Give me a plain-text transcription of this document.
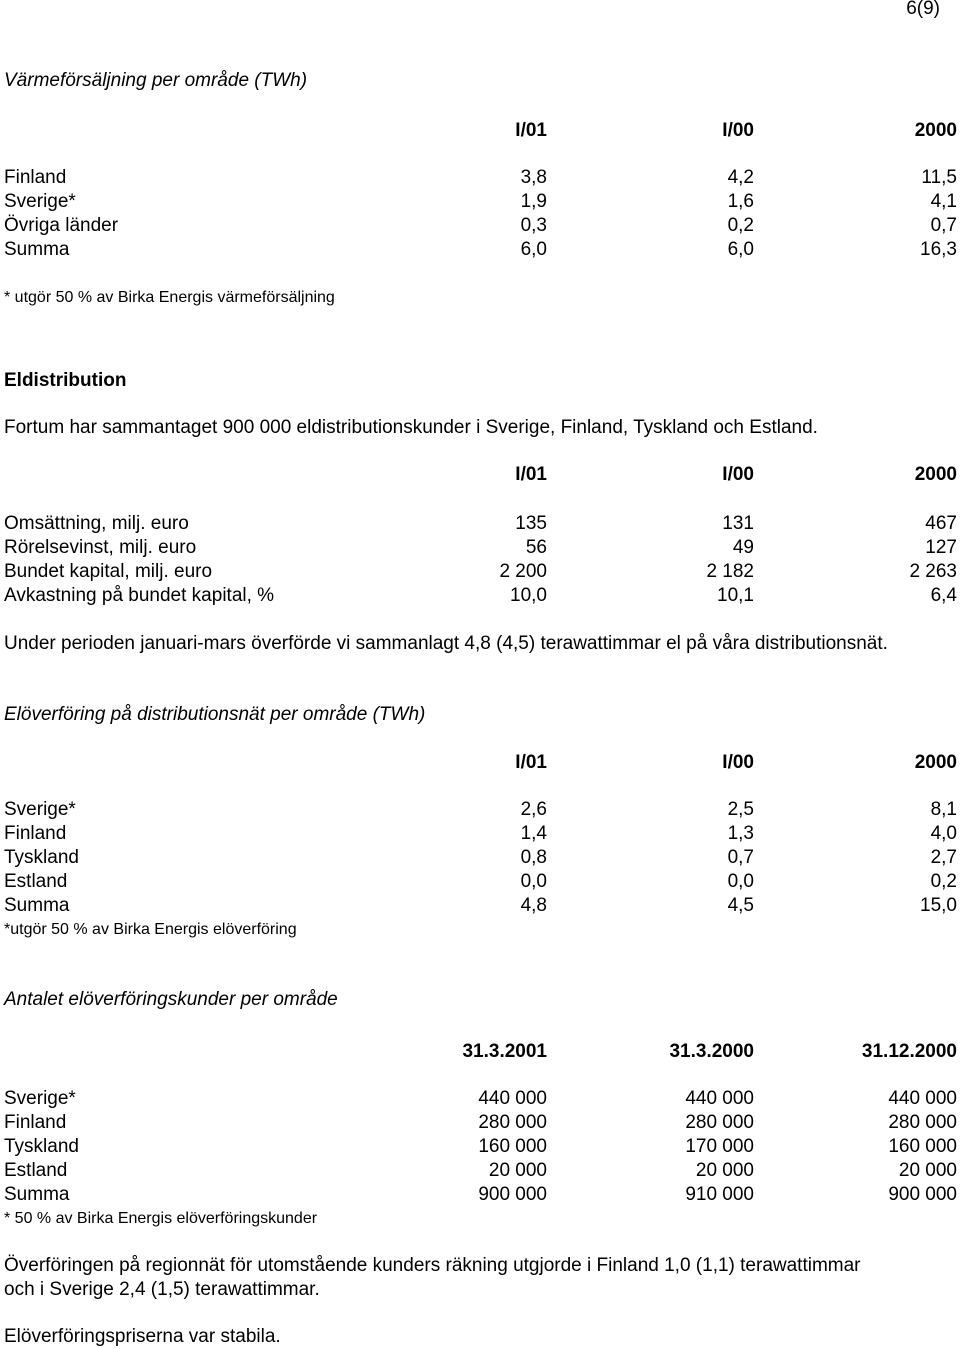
6(9)
Värmeförsäljning per område (TWh)
I/01	I/00	2000
Finland	3,8	4,2	11,5
Sverige*	1,9	1,6	4,1
Övriga länder	0,3	0,2	0,7
Summa	6,0	6,0	16,3
* utgör 50 % av Birka Energis värmeförsäljning
Eldistribution
Fortum har sammantaget 900 000 eldistributionskunder i Sverige, Finland, Tyskland och Estland.
I/01	I/00	2000
Omsättning, milj. euro	135	131	467
Rörelsevinst, milj. euro	56	49	127
Bundet kapital, milj. euro	2 200	2 182	2 263
Avkastning på bundet kapital, %	10,0	10,1	6,4
Under perioden januari-mars överförde vi sammanlagt 4,8 (4,5) terawattimmar el på våra distributionsnät.
Elöverföring på distributionsnät per område (TWh)
I/01	I/00	2000
Sverige*	2,6	2,5	8,1
Finland	1,4	1,3	4,0
Tyskland	0,8	0,7	2,7
Estland	0,0	0,0	0,2
Summa	4,8	4,5	15,0
*utgör 50 % av Birka Energis elöverföring
Antalet elöverföringskunder per område
31.3.2001	31.3.2000	31.12.2000
Sverige*	440 000	440 000	440 000
Finland	280 000	280 000	280 000
Tyskland	160 000	170 000	160 000
Estland	20 000	20 000	20 000
Summa	900 000	910 000	900 000
* 50 % av Birka Energis elöverföringskunder
Överföringen på regionnät för utomstående kunders räkning utgjorde i Finland 1,0 (1,1) terawattimmar och i Sverige 2,4 (1,5) terawattimmar.
Elöverföringspriserna var stabila.
